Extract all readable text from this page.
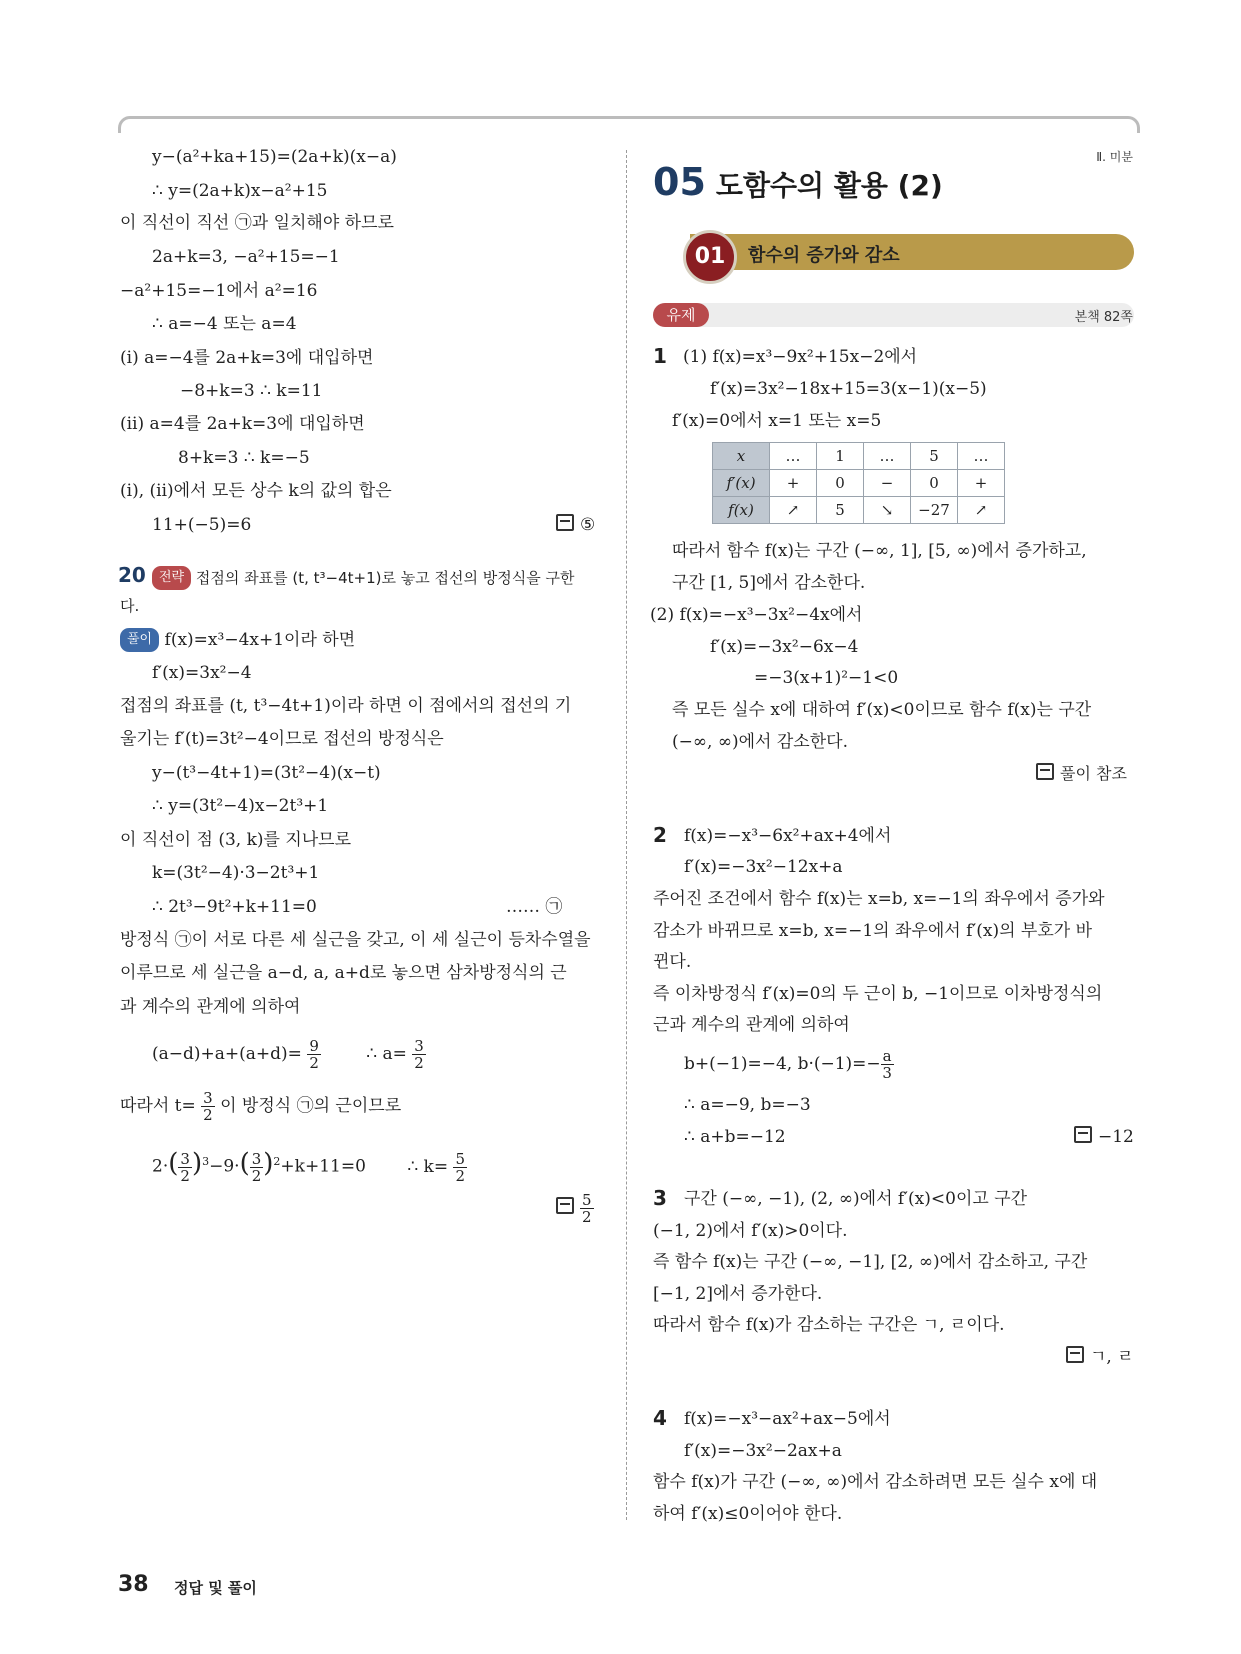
Ⅱ. 미분
y−(a²+ka+15)=(2a+k)(x−a)
∴ y=(2a+k)x−a²+15
이 직선이 직선 ㉠과 일치해야 하므로
2a+k=3, −a²+15=−1
−a²+15=−1에서 a²=16
∴ a=−4 또는 a=4
(ⅰ) a=−4를 2a+k=3에 대입하면
−8+k=3 ∴ k=11
(ⅱ) a=4를 2a+k=3에 대입하면
8+k=3 ∴ k=−5
(ⅰ), (ⅱ)에서 모든 상수 k의 값의 합은
11+(−5)=6	⑤
20	전략 접점의 좌표를 (t, t³−4t+1)로 놓고 접선의 방정식을 구한
다.
풀이 f(x)=x³−4x+1이라 하면
f′(x)=3x²−4
접점의 좌표를 (t, t³−4t+1)이라 하면 이 점에서의 접선의 기
울기는 f′(t)=3t²−4이므로 접선의 방정식은
y−(t³−4t+1)=(3t²−4)(x−t)
∴ y=(3t²−4)x−2t³+1
이 직선이 점 (3, k)를 지나므로
k=(3t²−4)·3−2t³+1
∴ 2t³−9t²+k+11=0	…… ㉠
방정식 ㉠이 서로 다른 세 실근을 갖고, 이 세 실근이 등차수열을
이루므로 세 실근을 a−d, a, a+d로 놓으면 삼차방정식의 근
과 계수의 관계에 의하여
$(a-d)+a+(a+d)= \frac{9}{2}$	∴ $a= \frac{3}{2}$
따라서 $t= \frac{3}{2}$ 이 방정식 ㉠의 근이므로
$2\cdot( \frac{3}{2} )^3-9\cdot( \frac{3}{2} )^2+k+11=0$ ∴ $k= \frac{5}{2}$
$\frac{5}{2}$
05 도함수의 활용 (2)
01	함수의 증가와 감소
유제	본책 82쪽
1 (1) f(x)=x³−9x²+15x−2에서
f′(x)=3x²−18x+15=3(x−1)(x−5)
f′(x)=0에서 x=1 또는 x=5
x	…	1	…	5	…
f′(x)	+	0	−	0	+
f(x)	↗	5	↘	−27	↗
따라서 함수 f(x)는 구간 (−∞, 1], [5, ∞)에서 증가하고,
구간 [1, 5]에서 감소한다.
(2) f(x)=−x³−3x²−4x에서
f′(x)=−3x²−6x−4
=−3(x+1)²−1<0
즉 모든 실수 x에 대하여 f′(x)<0이므로 함수 f(x)는 구간
(−∞, ∞)에서 감소한다.
풀이 참조
2 f(x)=−x³−6x²+ax+4에서
f′(x)=−3x²−12x+a
주어진 조건에서 함수 f(x)는 x=b, x=−1의 좌우에서 증가와
감소가 바뀌므로 x=b, x=−1의 좌우에서 f′(x)의 부호가 바
뀐다.
즉 이차방정식 f′(x)=0의 두 근이 b, −1이므로 이차방정식의
근과 계수의 관계에 의하여
b+(−1)=−4, $b\cdot(-1)=- \frac{a}{3}$
∴ a=−9, b=−3
∴ a+b=−12	−12
3 구간 (−∞, −1), (2, ∞)에서 f′(x)<0이고 구간
(−1, 2)에서 f′(x)>0이다.
즉 함수 f(x)는 구간 (−∞, −1], [2, ∞)에서 감소하고, 구간
[−1, 2]에서 증가한다.
따라서 함수 f(x)가 감소하는 구간은 ㄱ, ㄹ이다.
ㄱ, ㄹ
4 f(x)=−x³−ax²+ax−5에서
f′(x)=−3x²−2ax+a
함수 f(x)가 구간 (−∞, ∞)에서 감소하려면 모든 실수 x에 대
하여 f′(x)≤0이어야 한다.
38 정답 및 풀이
